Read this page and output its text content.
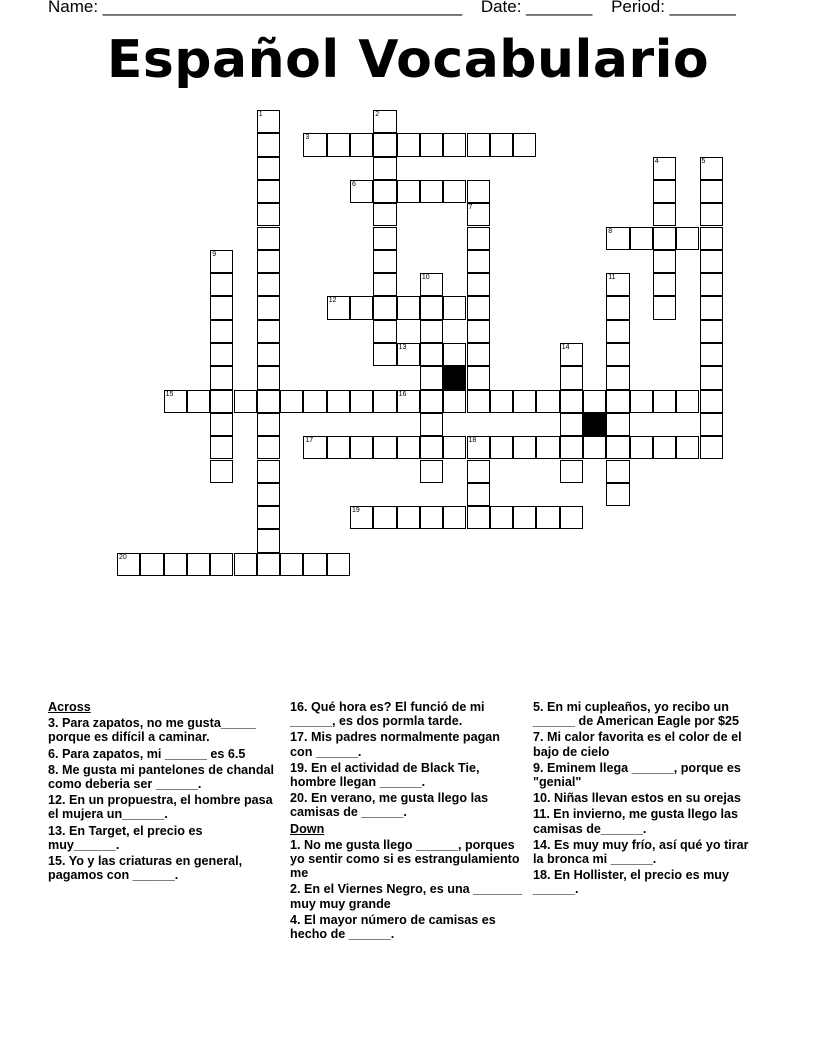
Name: ______________________________________ Date: _______ Period: _______
Español Vocabulario
1	2
3
4	5
6
7
8
9
10	11
12
13	14
15	16
17	18
19
20
Across
3. Para zapatos, no me gusta_____ porque es difícil a caminar.
6. Para zapatos, mi ______ es 6.5
8. Me gusta mi pantelones de chandal como deberia ser ______.
12. En un propuestra, el hombre pasa el mujera un______.
13. En Target, el precio es muy______.
15. Yo y las criaturas en general, pagamos con ______.
16. Qué hora es? El funció de mi ______, es dos pormla tarde.
17. Mis padres normalmente pagan con ______.
19. En el actividad de Black Tie, hombre llegan ______.
20. En verano, me gusta llego las camisas de ______.
Down
1. No me gusta llego ______, porques yo sentir como si es estrangulamiento me
2. En el Viernes Negro, es una _______ muy muy grande
4. El mayor número de camisas es hecho de ______.
5. En mi cupleaños, yo recibo un ______ de American Eagle por $25
7. Mi calor favorita es el color de el bajo de cielo
9. Eminem llega ______, porque es "genial"
10. Niñas llevan estos en su orejas
11. En invierno, me gusta llego las camisas de______.
14. Es muy muy frío, así qué yo tirar la bronca mi ______.
18. En Hollister, el precio es muy ______.
